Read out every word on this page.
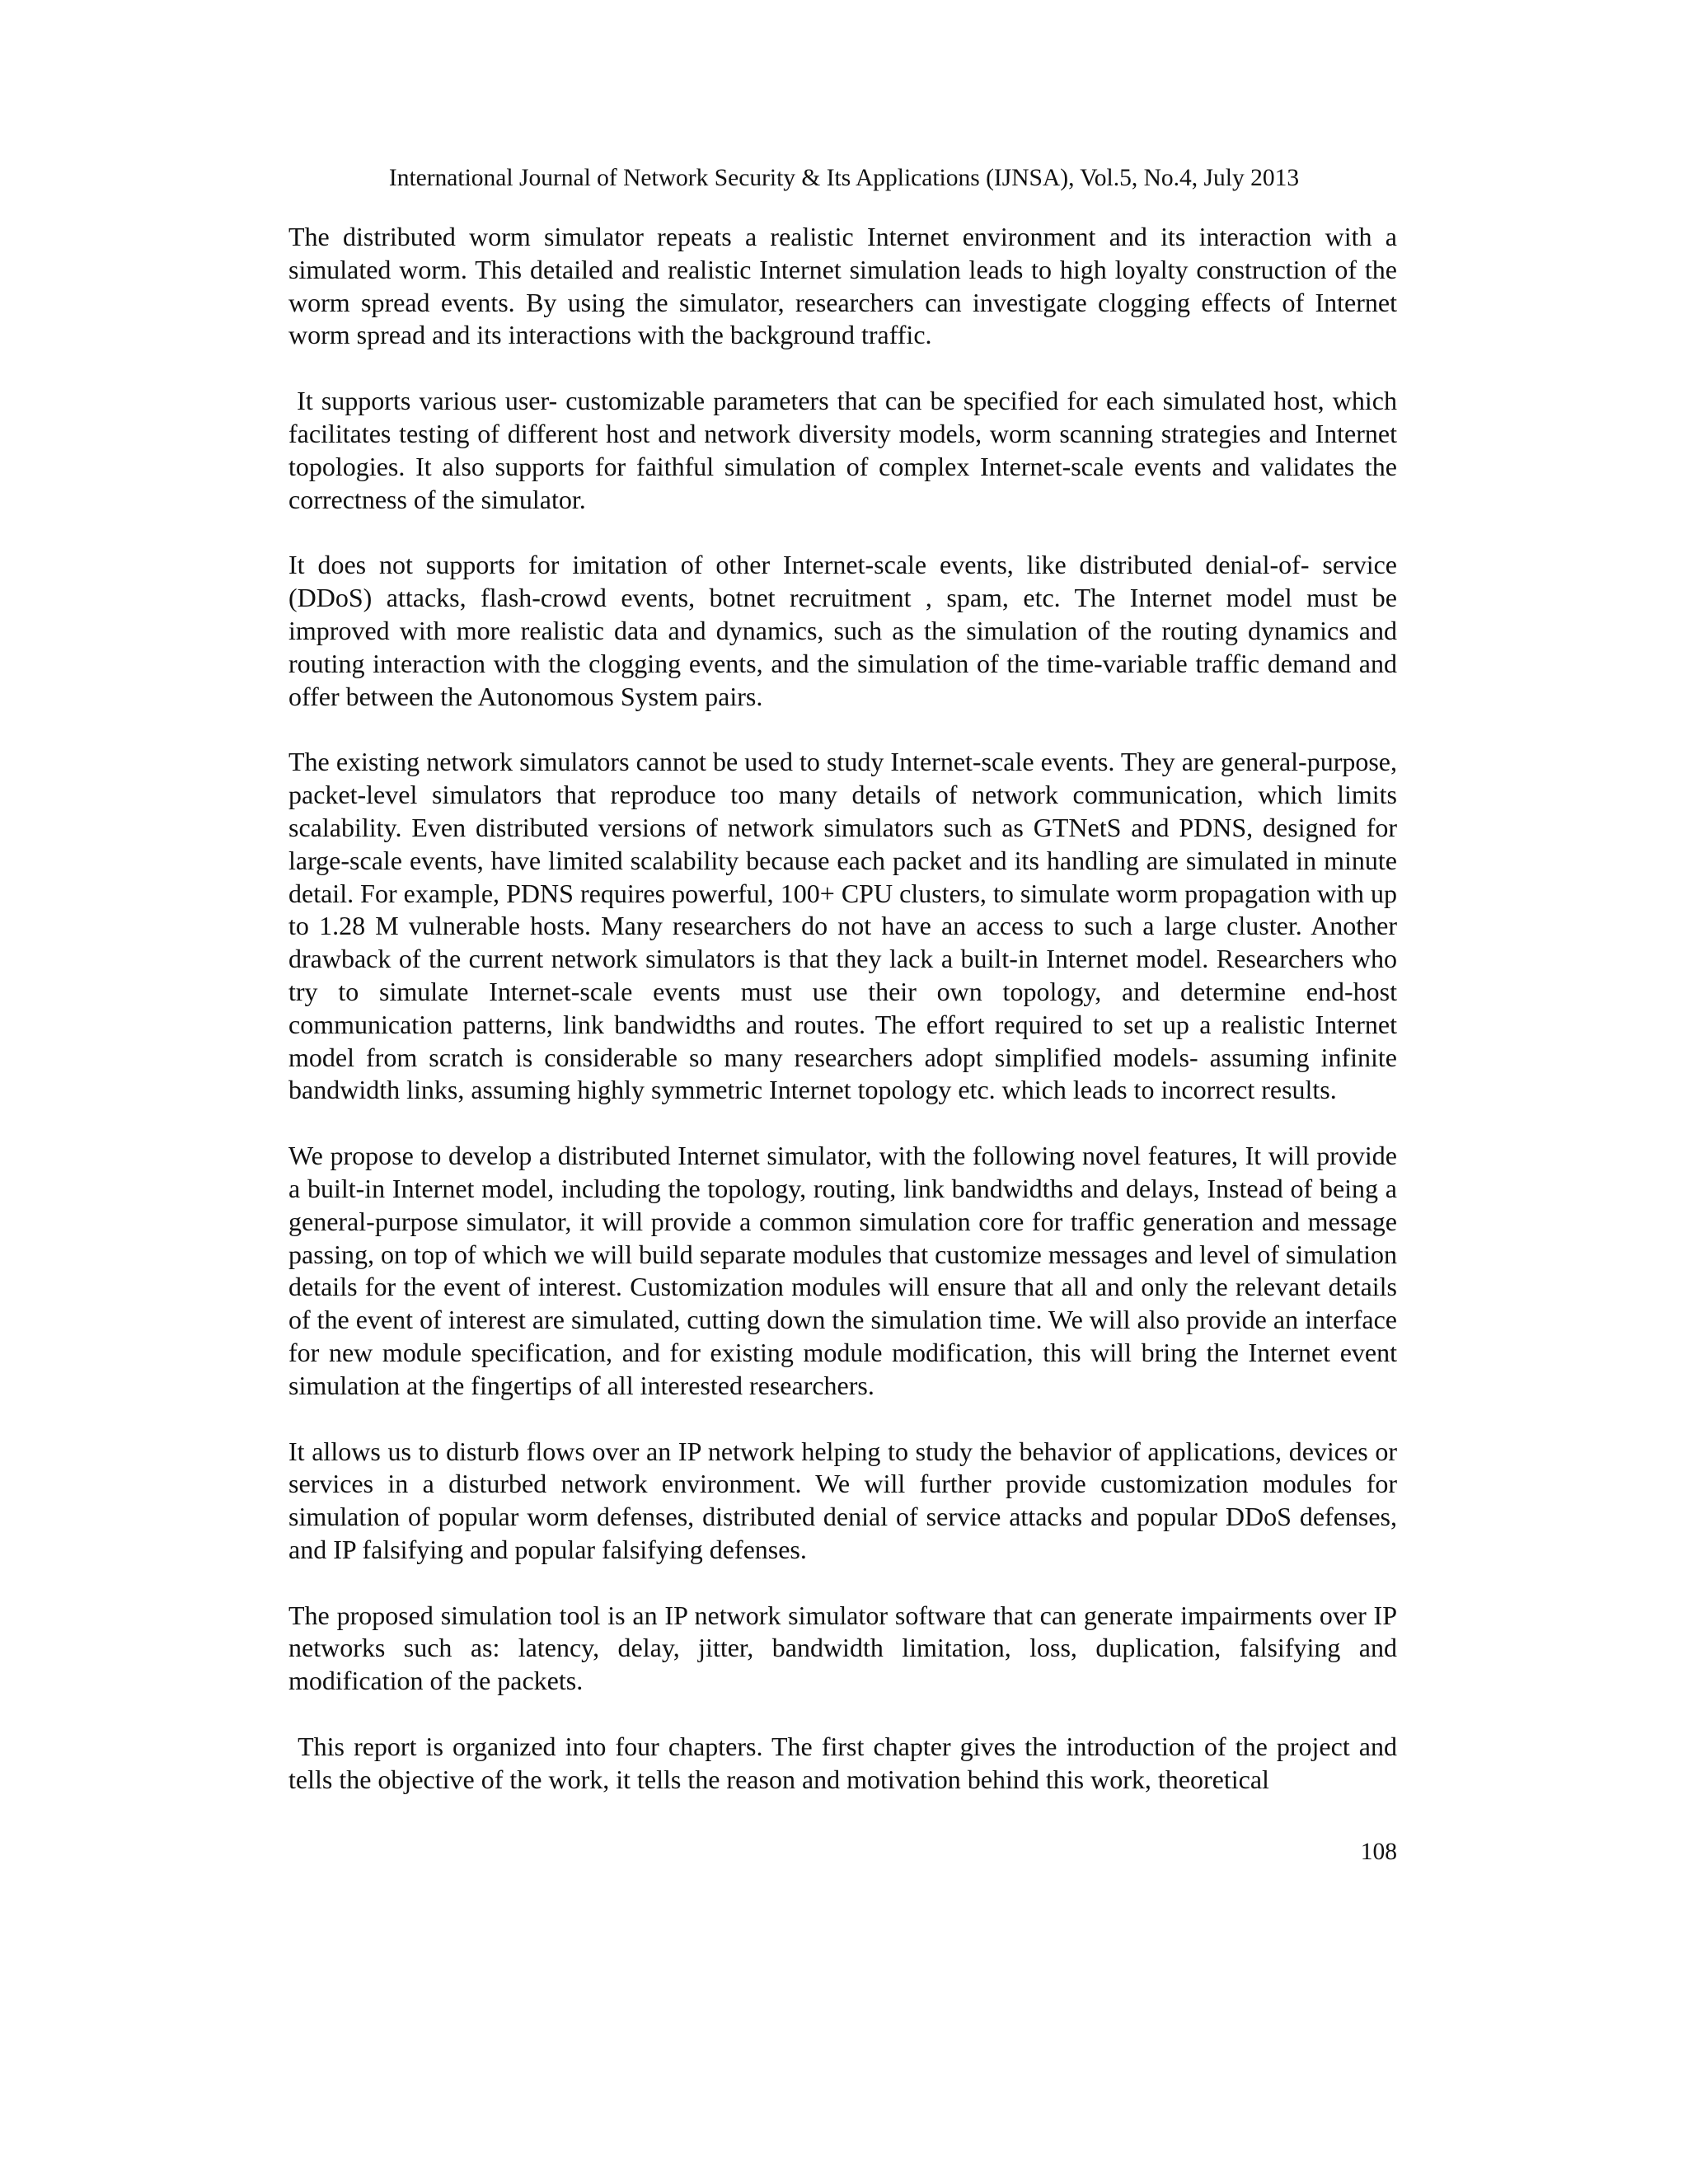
International Journal of Network Security & Its Applications (IJNSA), Vol.5, No.4, July 2013

The distributed worm simulator repeats a realistic Internet environment and its interaction with a simulated worm. This detailed and realistic Internet simulation leads to high loyalty construction of the worm spread events. By using the simulator, researchers can investigate clogging effects of Internet worm spread and its interactions with the background traffic.

It supports various user- customizable parameters that can be specified for each simulated host, which facilitates testing of different host and network diversity models, worm scanning strategies and Internet topologies. It also supports for faithful simulation of complex Internet-scale events and validates the correctness of the simulator.

It does not supports for imitation of other Internet-scale events, like distributed denial-of- service (DDoS) attacks, flash-crowd events, botnet recruitment , spam, etc. The Internet model must be improved with more realistic data and dynamics, such as the simulation of the routing dynamics and routing interaction with the clogging events, and the simulation of the time-variable traffic demand and offer between the Autonomous System pairs.

The existing network simulators cannot be used to study Internet-scale events. They are general-purpose, packet-level simulators that reproduce too many details of network communication, which limits scalability. Even distributed versions of network simulators such as GTNetS and PDNS, designed for large-scale events, have limited scalability because each packet and its handling are simulated in minute detail. For example, PDNS requires powerful, 100+ CPU clusters, to simulate worm propagation with up to 1.28 M vulnerable hosts. Many researchers do not have an access to such a large cluster. Another drawback of the current network simulators is that they lack a built-in Internet model. Researchers who try to simulate Internet-scale events must use their own topology, and determine end-host communication patterns, link bandwidths and routes. The effort required to set up a realistic Internet model from scratch is considerable so many researchers adopt simplified models- assuming infinite bandwidth links, assuming highly symmetric Internet topology etc. which leads to incorrect results.

We propose to develop a distributed Internet simulator, with the following novel features, It will provide a built-in Internet model, including the topology, routing, link bandwidths and delays, Instead of being a general-purpose simulator, it will provide a common simulation core for traffic generation and message passing, on top of which we will build separate modules that customize messages and level of simulation details for the event of interest. Customization modules will ensure that all and only the relevant details of the event of interest are simulated, cutting down the simulation time. We will also provide an interface for new module specification, and for existing module modification, this will bring the Internet event simulation at the fingertips of all interested researchers.

It allows us to disturb flows over an IP network helping to study the behavior of applications, devices or services in a disturbed network environment. We will further provide customization modules for simulation of popular worm defenses, distributed denial of service attacks and popular DDoS defenses, and IP falsifying and popular falsifying defenses.

The proposed simulation tool is an IP network simulator software that can generate impairments over IP networks such as: latency, delay, jitter, bandwidth limitation, loss, duplication, falsifying and modification of the packets.

This report is organized into four chapters. The first chapter gives the introduction of the project and tells the objective of the work, it tells the reason and motivation behind this work, theoretical

108
